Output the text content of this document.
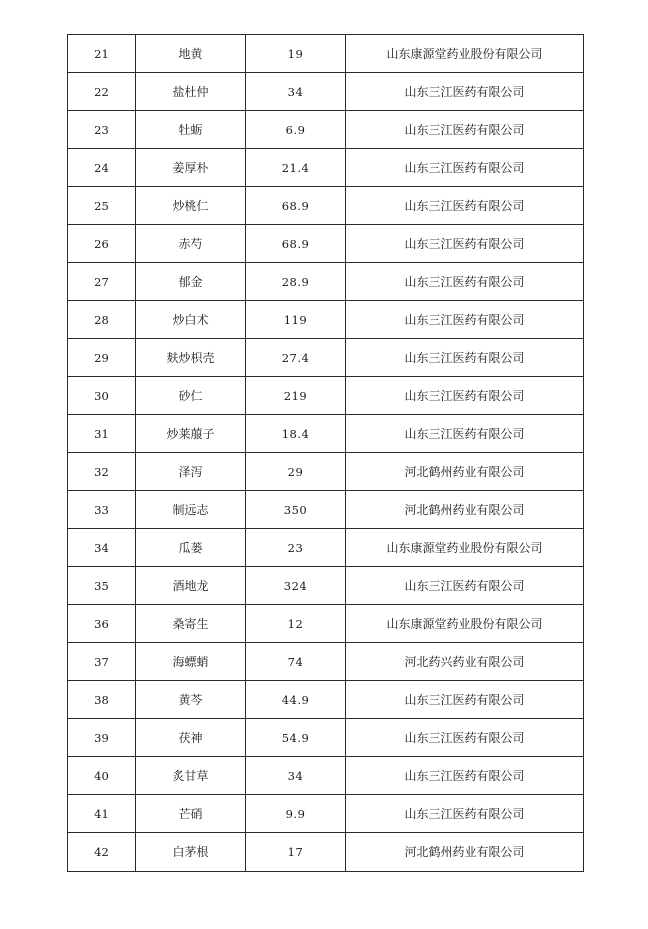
21	地黄	19	山东康源堂药业股份有限公司
22	盐杜仲	34	山东三江医药有限公司
23	牡蛎	6.9	山东三江医药有限公司
24	姜厚朴	21.4	山东三江医药有限公司
25	炒桃仁	68.9	山东三江医药有限公司
26	赤芍	68.9	山东三江医药有限公司
27	郁金	28.9	山东三江医药有限公司
28	炒白术	119	山东三江医药有限公司
29	麸炒枳壳	27.4	山东三江医药有限公司
30	砂仁	219	山东三江医药有限公司
31	炒莱菔子	18.4	山东三江医药有限公司
32	泽泻	29	河北鹤州药业有限公司
33	制远志	350	河北鹤州药业有限公司
34	瓜蒌	23	山东康源堂药业股份有限公司
35	酒地龙	324	山东三江医药有限公司
36	桑寄生	12	山东康源堂药业股份有限公司
37	海螵蛸	74	河北药兴药业有限公司
38	黄芩	44.9	山东三江医药有限公司
39	茯神	54.9	山东三江医药有限公司
40	炙甘草	34	山东三江医药有限公司
41	芒硝	9.9	山东三江医药有限公司
42	白茅根	17	河北鹤州药业有限公司
